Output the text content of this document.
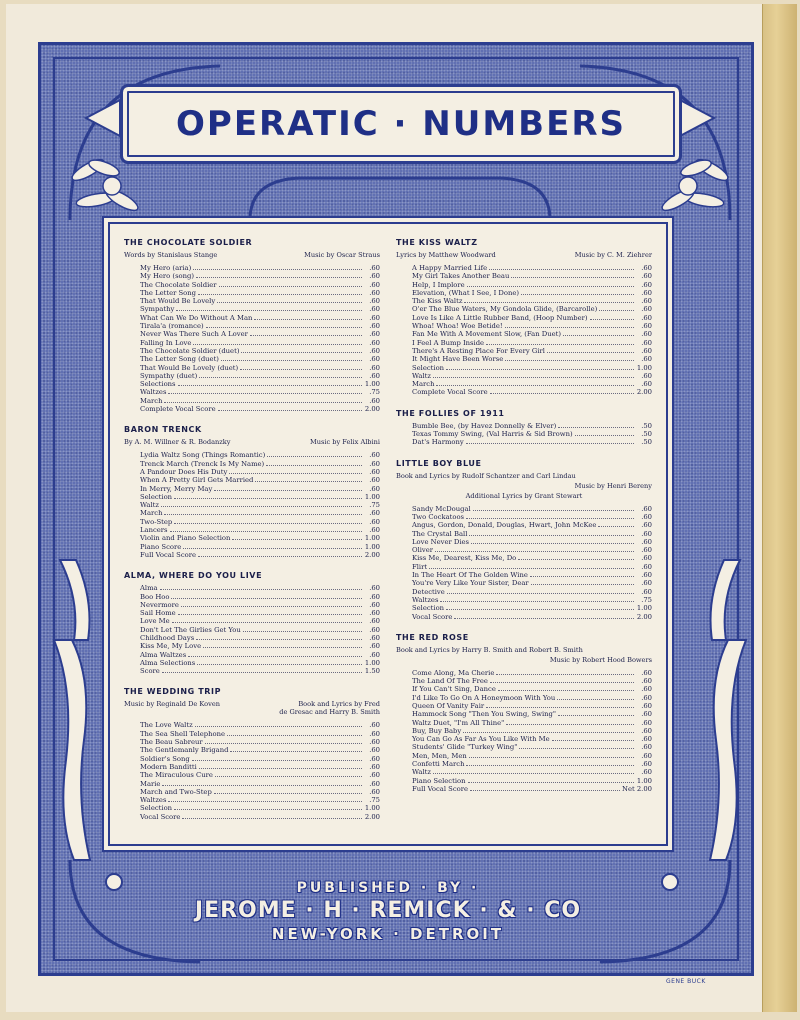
OPERATIC · NUMBERS
THE CHOCOLATE SOLDIER
Words by Stanislaus Stange	Music by Oscar Straus
My Hero (aria)	.60
My Hero (song)	.60
The Chocolate Soldier	.60
The Letter Song	.60
That Would Be Lovely	.60
Sympathy	.60
What Can We Do Without A Man	.60
Tirala'a (romance)	.60
Never Was There Such A Lover	.60
Falling In Love	.60
The Chocolate Soldier (duet)	.60
The Letter Song (duet)	.60
That Would Be Lovely (duet)	.60
Sympathy (duet)	.60
Selections	1.00
Waltzes	.75
March	.60
Complete Vocal Score	2.00
BARON TRENCK
By A. M. Willner & R. Bodanzky	Music by Felix Albini
Lydia Waltz Song (Things Romantic)	.60
Trenck March (Trenck Is My Name)	.60
A Pandour Does His Duty	.60
When A Pretty Girl Gets Married	.60
In Merry, Merry May	.60
Selection	1.00
Waltz	.75
March	.60
Two-Step	.60
Lancers	.60
Violin and Piano Selection	1.00
Piano Score	1.00
Full Vocal Score	2.00
ALMA, WHERE DO YOU LIVE
Alma	.60
Boo Hoo	.60
Nevermore	.60
Sail Home	.60
Love Me	.60
Don't Let The Girlies Get You	.60
Childhood Days	.60
Kiss Me, My Love	.60
Alma Waltzes	.60
Alma Selections	1.00
Score	1.50
THE WEDDING TRIP
Music by Reginald De Koven	Book and Lyrics by Fred
de Gresac and Harry B. Smith
The Love Waltz	.60
The Sea Shell Telephone	.60
The Beau Sabreur	.60
The Gentlemanly Brigand	.60
Soldier's Song	.60
Modern Banditti	.60
The Miraculous Cure	.60
Marie	.60
March and Two-Step	.60
Waltzes	.75
Selection	1.00
Vocal Score	2.00
THE KISS WALTZ
Lyrics by Matthew Woodward	Music by C. M. Ziehrer
A Happy Married Life	.60
My Girl Takes Another Beau	.60
Help, I Implore	.60
Elevation, (What I See, I Done)	.60
The Kiss Waltz	.60
O'er The Blue Waters, My Gondola Glide, (Barcarolle)	.60
Love Is Like A Little Rubber Band, (Hoop Number)	.60
Whoa! Whoa! Woe Betide!	.60
Fan Me With A Movement Slow, (Fan Duet)	.60
I Feel A Bump Inside	.60
There's A Resting Place For Every Girl	.60
It Might Have Been Worse	.60
Selection	1.00
Waltz	.60
March	.60
Complete Vocal Score	2.00
THE FOLLIES OF 1911
Bumble Bee, (by Havez Donnelly & Elver)	.50
Texas Tommy Swing, (Val Harris & Sid Brown)	.50
Dat's Harmony	.50
LITTLE BOY BLUE
Book and Lyrics by Rudolf Schantzer and Carl Lindau
Music by Henri Bereny
Additional Lyrics by Grant Stewart
Sandy McDougal	.60
Two Cockatoos	.60
Angus, Gordon, Donald, Douglas, Hwart, John McKee	.60
The Crystal Ball	.60
Love Never Dies	.60
Oliver	.60
Kiss Me, Dearest, Kiss Me, Do	.60
Flirt	.60
In The Heart Of The Golden Wine	.60
You're Very Like Your Sister, Dear	.60
Detective	.60
Waltzes	.75
Selection	1.00
Vocal Score	2.00
THE RED ROSE
Book and Lyrics by Harry B. Smith and Robert B. Smith
Music by Robert Hood Bowers
Come Along, Ma Cherie	.60
The Land Of The Free	.60
If You Can't Sing, Dance	.60
I'd Like To Go On A Honeymoon With You	.60
Queen Of Vanity Fair	.60
Hammock Song "Then You Swing, Swing"	.60
Waltz Duet, "I'm All Thine"	.60
Buy, Buy Baby	.60
You Can Go As Far As You Like With Me	.60
Students' Glide "Turkey Wing"	.60
Men, Men, Men	.60
Confetti March	.60
Waltz	.60
Piano Selection	1.00
Full Vocal Score	Net 2.00
PUBLISHED · BY ·
JEROME · H · REMICK · & · CO
NEW-YORK · DETROIT
GENE BUCK
